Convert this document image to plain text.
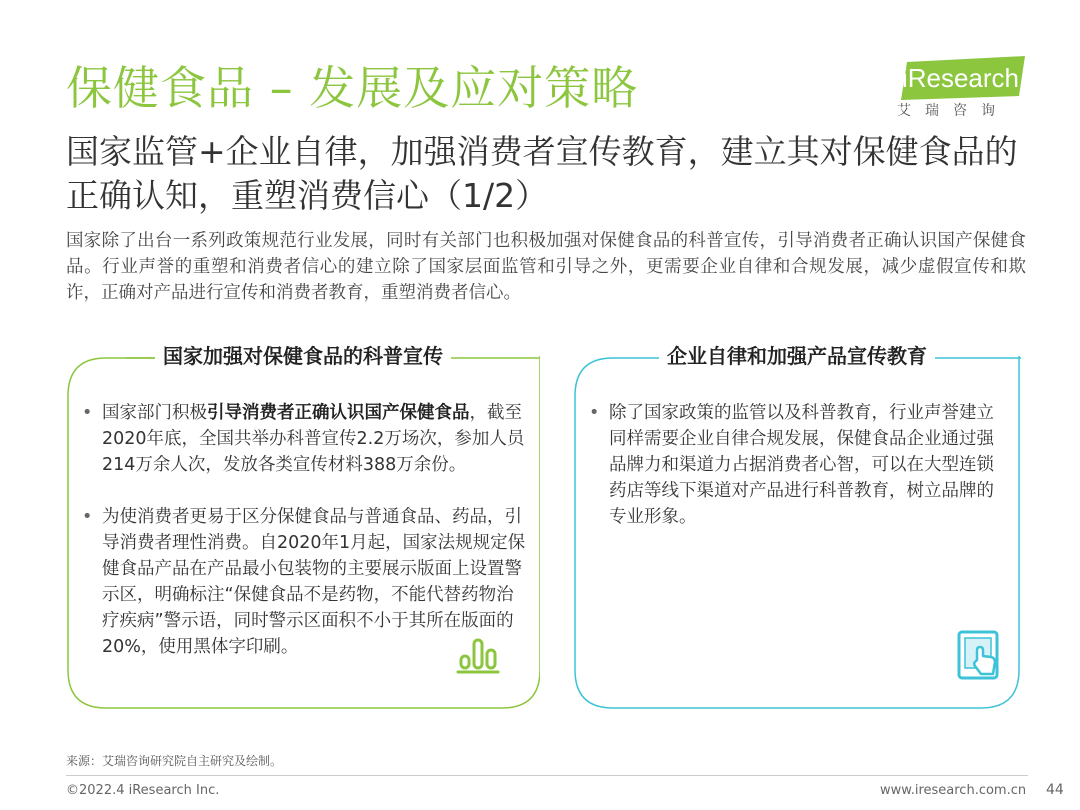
保健食品 – 发展及应对策略	iResearch
艾瑞咨询
国家监管+企业自律，加强消费者宣传教育，建立其对保健食品的正确认知，重塑消费信心（1/2）
国家除了出台一系列政策规范行业发展，同时有关部门也积极加强对保健食品的科普宣传，引导消费者正确认识国产保健食品。行业声誉的重塑和消费者信心的建立除了国家层面监管和引导之外，更需要企业自律和合规发展，减少虚假宣传和欺诈，正确对产品进行宣传和消费者教育，重塑消费者信心。
国家加强对保健食品的科普宣传
• 国家部门积极引导消费者正确认识国产保健食品，截至2020年底，全国共举办科普宣传2.2万场次，参加人员214万余人次，发放各类宣传材料388万余份。
• 为使消费者更易于区分保健食品与普通食品、药品，引导消费者理性消费。自2020年1月起，国家法规规定保健食品产品在产品最小包装物的主要展示版面上设置警示区，明确标注“保健食品不是药物，不能代替药物治疗疾病”警示语，同时警示区面积不小于其所在版面的20%，使用黑体字印刷。
企业自律和加强产品宣传教育
• 除了国家政策的监管以及科普教育，行业声誉建立同样需要企业自律合规发展，保健食品企业通过强品牌力和渠道力占据消费者心智，可以在大型连锁药店等线下渠道对产品进行科普教育，树立品牌的专业形象。
来源：艾瑞咨询研究院自主研究及绘制。
©2022.4 iResearch Inc.	www.iresearch.com.cn 44
